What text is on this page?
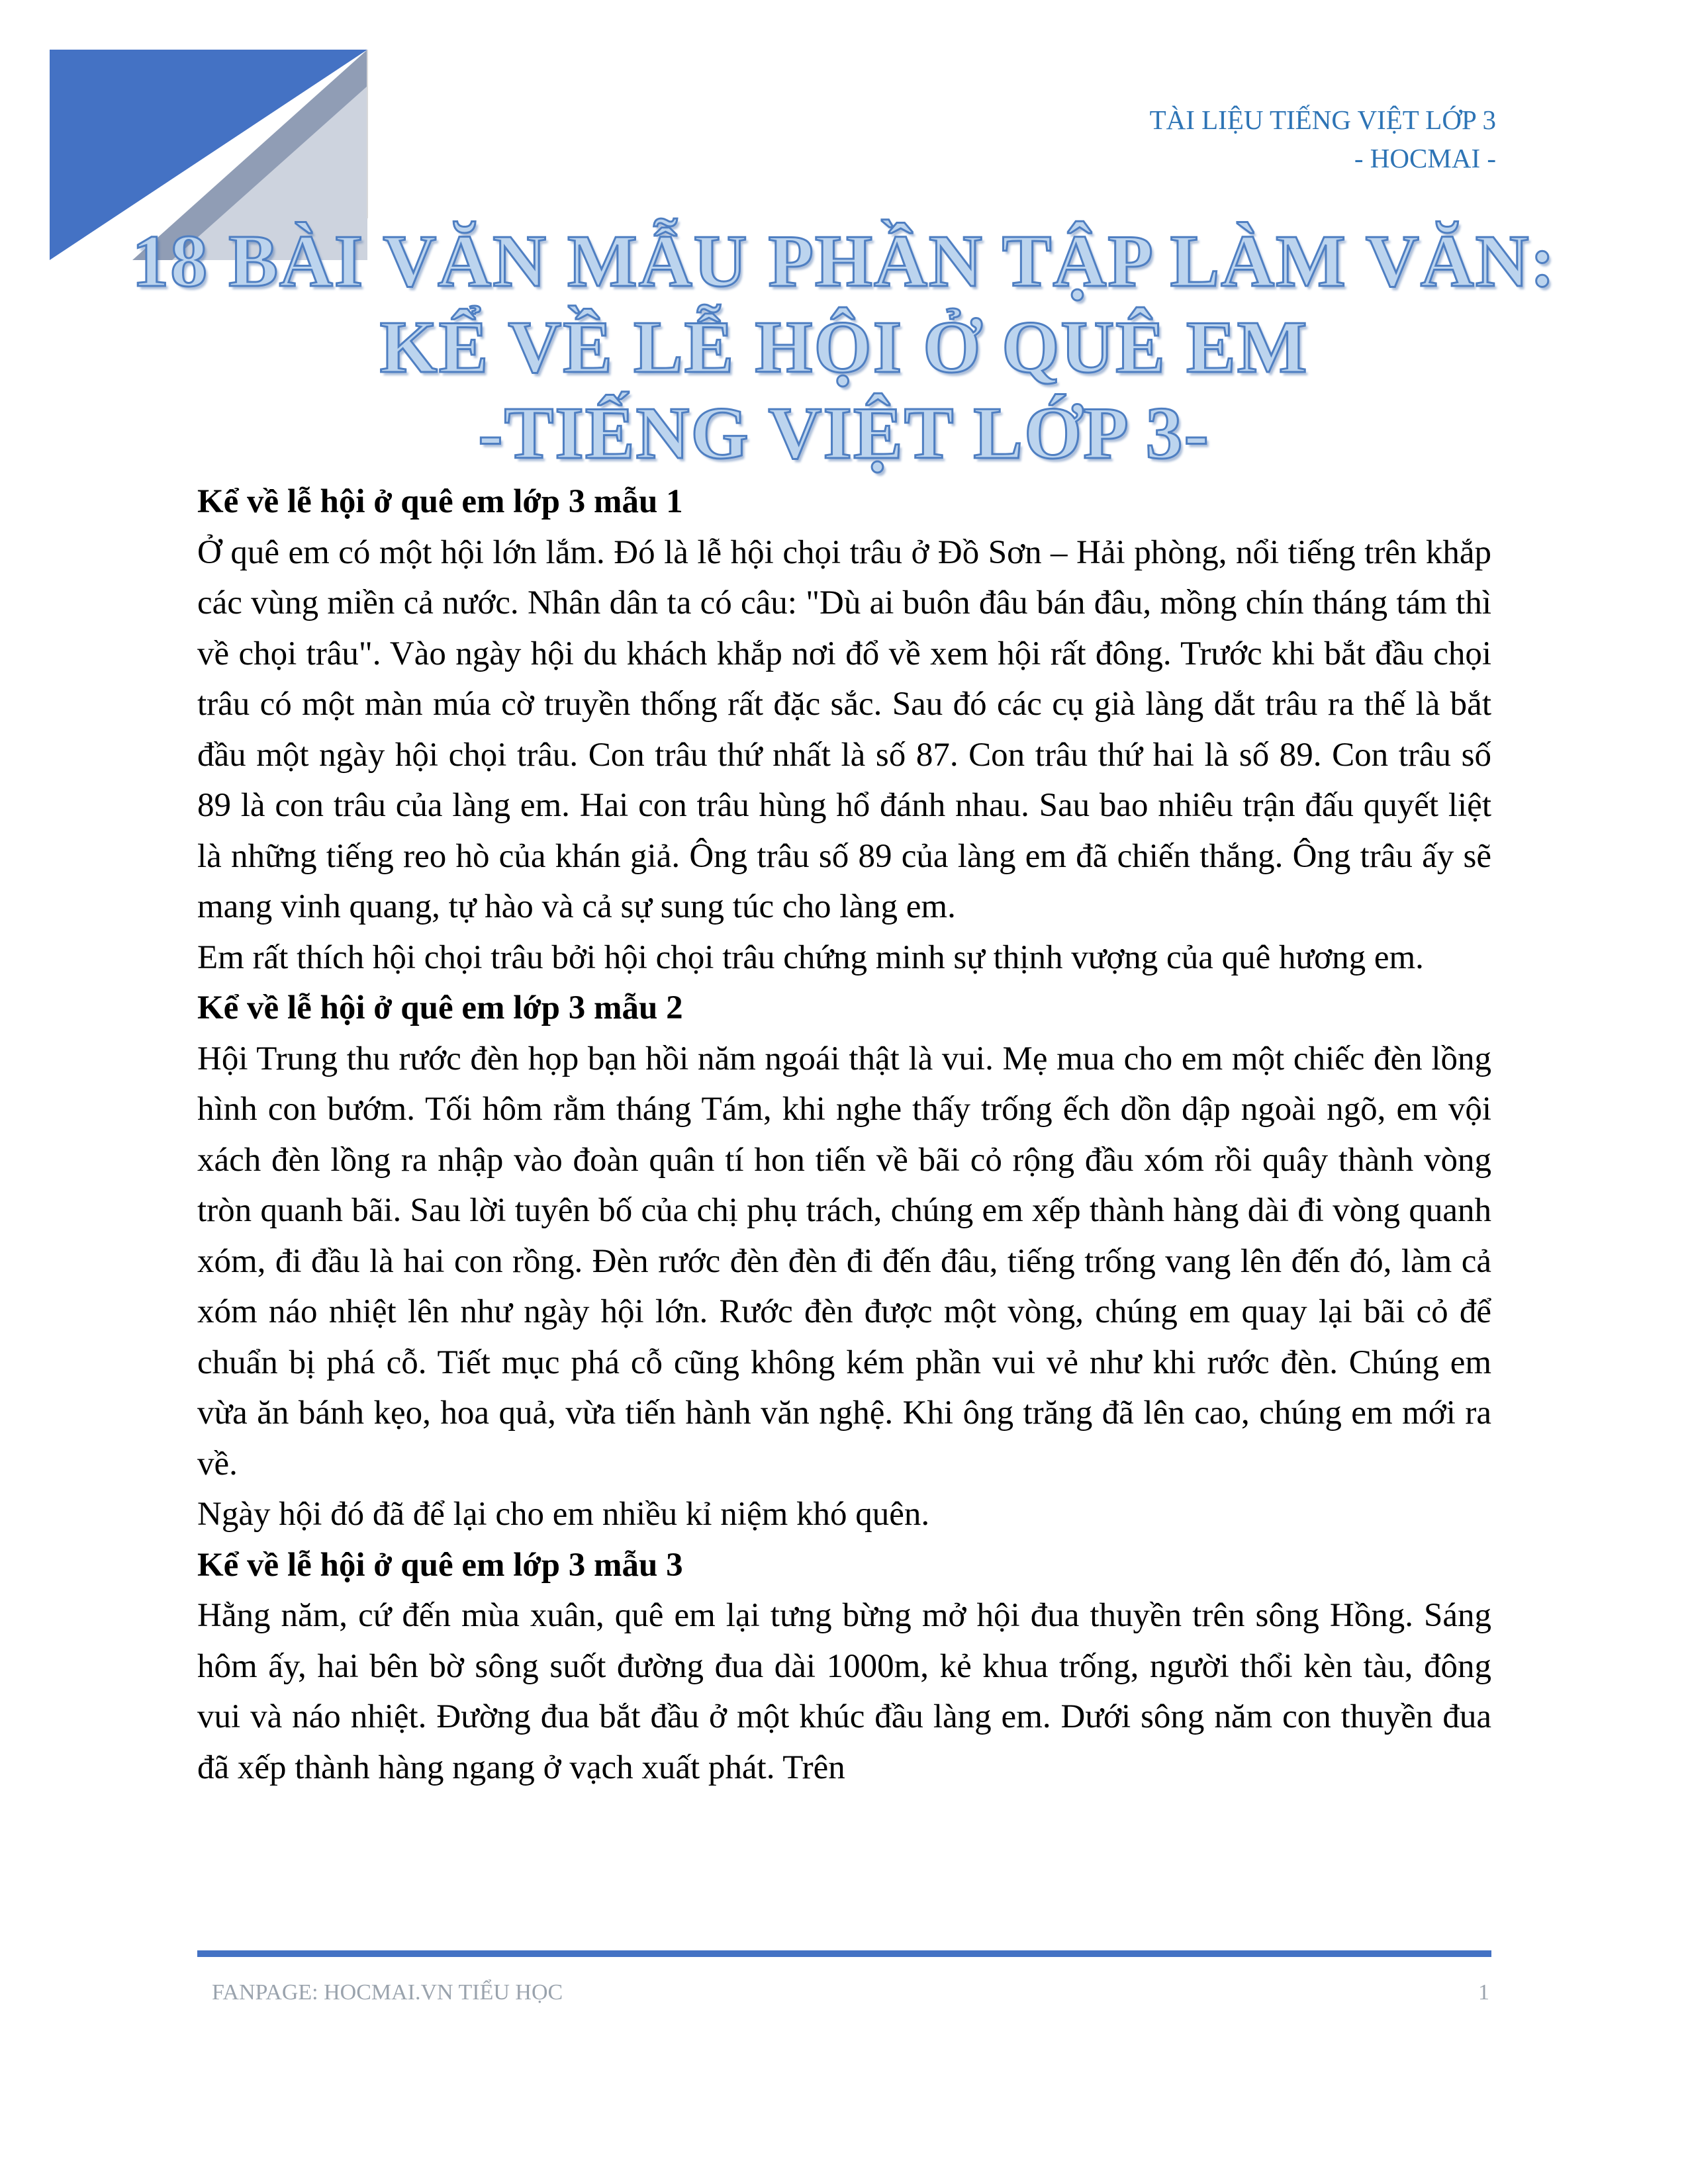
TÀI LIỆU TIẾNG VIỆT LỚP 3
- HOCMAI -
18 BÀI VĂN MẪU PHẦN TẬP LÀM VĂN:
KỂ VỀ LỄ HỘI Ở QUÊ EM
-TIẾNG VIỆT LỚP 3-

Kể về lễ hội ở quê em lớp 3 mẫu 1

Ở quê em có một hội lớn lắm. Đó là lễ hội chọi trâu ở Đồ Sơn – Hải phòng, nổi tiếng trên khắp các vùng miền cả nước. Nhân dân ta có câu: "Dù ai buôn đâu bán đâu, mồng chín tháng tám thì về chọi trâu". Vào ngày hội du khách khắp nơi đổ về xem hội rất đông. Trước khi bắt đầu chọi trâu có một màn múa cờ truyền thống rất đặc sắc. Sau đó các cụ già làng dắt trâu ra thế là bắt đầu một ngày hội chọi trâu. Con trâu thứ nhất là số 87. Con trâu thứ hai là số 89. Con trâu số 89 là con trâu của làng em. Hai con trâu hùng hổ đánh nhau. Sau bao nhiêu trận đấu quyết liệt là những tiếng reo hò của khán giả. Ông trâu số 89 của làng em đã chiến thắng. Ông trâu ấy sẽ mang vinh quang, tự hào và cả sự sung túc cho làng em.

Em rất thích hội chọi trâu bởi hội chọi trâu chứng minh sự thịnh vượng của quê hương em.

Kể về lễ hội ở quê em lớp 3 mẫu 2

Hội Trung thu rước đèn họp bạn hồi năm ngoái thật là vui. Mẹ mua cho em một chiếc đèn lồng hình con bướm. Tối hôm rằm tháng Tám, khi nghe thấy trống ếch dồn dập ngoài ngõ, em vội xách đèn lồng ra nhập vào đoàn quân tí hon tiến về bãi cỏ rộng đầu xóm rồi quây thành vòng tròn quanh bãi. Sau lời tuyên bố của chị phụ trách, chúng em xếp thành hàng dài đi vòng quanh xóm, đi đầu là hai con rồng. Đèn rước đèn đèn đi đến đâu, tiếng trống vang lên đến đó, làm cả xóm náo nhiệt lên như ngày hội lớn. Rước đèn được một vòng, chúng em quay lại bãi cỏ để chuẩn bị phá cỗ. Tiết mục phá cỗ cũng không kém phần vui vẻ như khi rước đèn. Chúng em vừa ăn bánh kẹo, hoa quả, vừa tiến hành văn nghệ. Khi ông trăng đã lên cao, chúng em mới ra về.

Ngày hội đó đã để lại cho em nhiều kỉ niệm khó quên.

Kể về lễ hội ở quê em lớp 3 mẫu 3

Hằng năm, cứ đến mùa xuân, quê em lại tưng bừng mở hội đua thuyền trên sông Hồng. Sáng hôm ấy, hai bên bờ sông suốt đường đua dài 1000m, kẻ khua trống, người thổi kèn tàu, đông vui và náo nhiệt. Đường đua bắt đầu ở một khúc đầu làng em. Dưới sông năm con thuyền đua đã xếp thành hàng ngang ở vạch xuất phát. Trên

FANPAGE: HOCMAI.VN TIỂU HỌC	1
